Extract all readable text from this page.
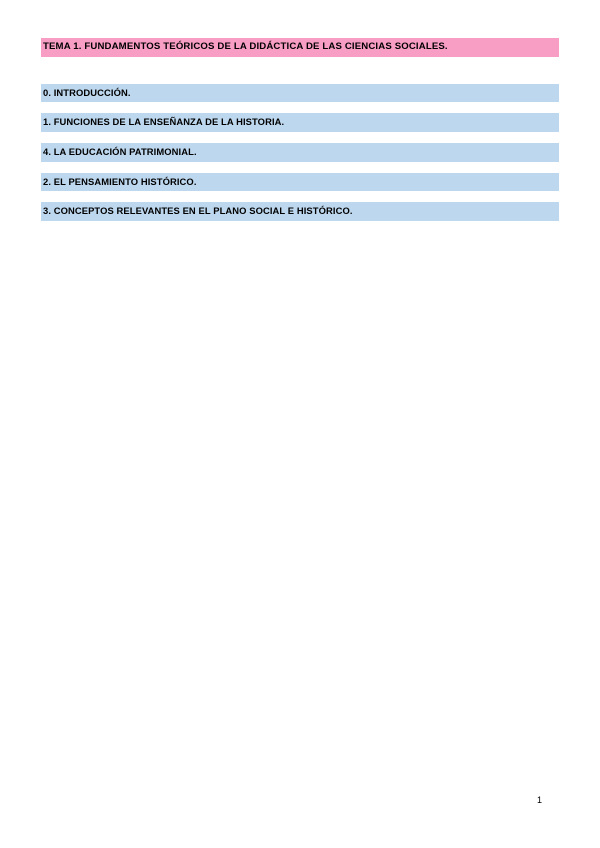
TEMA 1. FUNDAMENTOS TEÓRICOS DE LA DIDÁCTICA DE LAS CIENCIAS SOCIALES.
0. INTRODUCCIÓN.
1. FUNCIONES DE LA ENSEÑANZA DE LA HISTORIA.
4. LA EDUCACIÓN PATRIMONIAL.
2. EL PENSAMIENTO HISTÓRICO.
3. CONCEPTOS RELEVANTES EN EL PLANO SOCIAL E HISTÓRICO.
1
